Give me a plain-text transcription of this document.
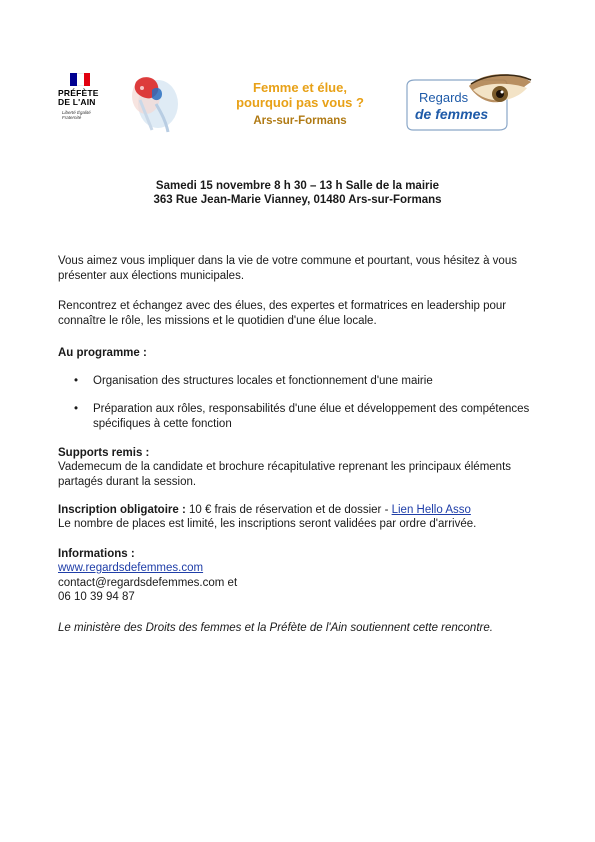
PRÉFÈTE
DE L'AIN
Liberté Égalité Fraternité
Femme et élue,
pourquoi pas vous ?
Ars-sur-Formans
Regards
de femmes
Samedi 15 novembre 8 h 30 – 13 h Salle de la mairie
363 Rue Jean-Marie Vianney, 01480 Ars-sur-Formans
Vous aimez vous impliquer dans la vie de votre commune et pourtant, vous hésitez à vous présenter aux élections municipales.
Rencontrez et échangez avec des élues, des expertes et formatrices en leadership pour connaître le rôle, les missions et le quotidien d'une élue locale.
Au programme :
• Organisation des structures locales et fonctionnement d'une mairie
• Préparation aux rôles, responsabilités d'une élue et développement des compétences spécifiques à cette fonction
Supports remis :
Vademecum de la candidate et brochure récapitulative reprenant les principaux éléments partagés durant la session.
Inscription obligatoire : 10 € frais de réservation et de dossier - Lien Hello Asso
Le nombre de places est limité, les inscriptions seront validées par ordre d'arrivée.
Informations :
www.regardsdefemmes.com
contact@regardsdefemmes.com et
06 10 39 94 87
Le ministère des Droits des femmes et la Préfète de l'Ain soutiennent cette rencontre.
